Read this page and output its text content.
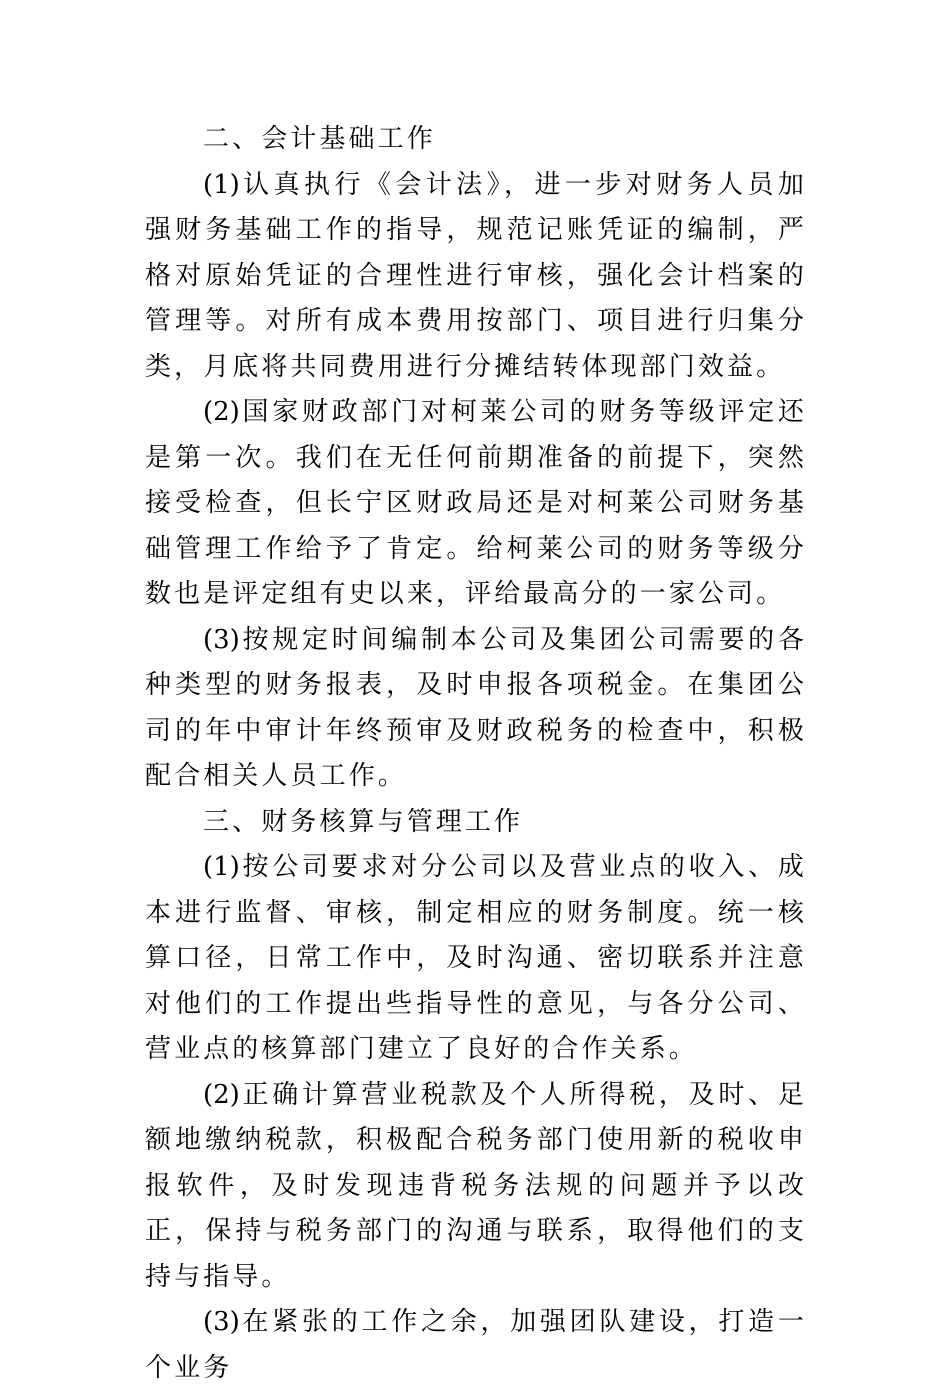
二、会计基础工作

(1)认真执行《会计法》，进一步对财务人员加强财务基础工作的指导，规范记账凭证的编制，严格对原始凭证的合理性进行审核，强化会计档案的管理等。对所有成本费用按部门、项目进行归集分类，月底将共同费用进行分摊结转体现部门效益。

(2)国家财政部门对柯莱公司的财务等级评定还是第一次。我们在无任何前期准备的前提下，突然接受检查，但长宁区财政局还是对柯莱公司财务基础管理工作给予了肯定。给柯莱公司的财务等级分数也是评定组有史以来，评给最高分的一家公司。

(3)按规定时间编制本公司及集团公司需要的各种类型的财务报表，及时申报各项税金。在集团公司的年中审计年终预审及财政税务的检查中，积极配合相关人员工作。

三、财务核算与管理工作

(1)按公司要求对分公司以及营业点的收入、成本进行监督、审核，制定相应的财务制度。统一核算口径，日常工作中，及时沟通、密切联系并注意对他们的工作提出些指导性的意见，与各分公司、营业点的核算部门建立了良好的合作关系。

(2)正确计算营业税款及个人所得税，及时、足额地缴纳税款，积极配合税务部门使用新的税收申报软件，及时发现违背税务法规的问题并予以改正，保持与税务部门的沟通与联系，取得他们的支持与指导。

(3)在紧张的工作之余，加强团队建设，打造一个业务
